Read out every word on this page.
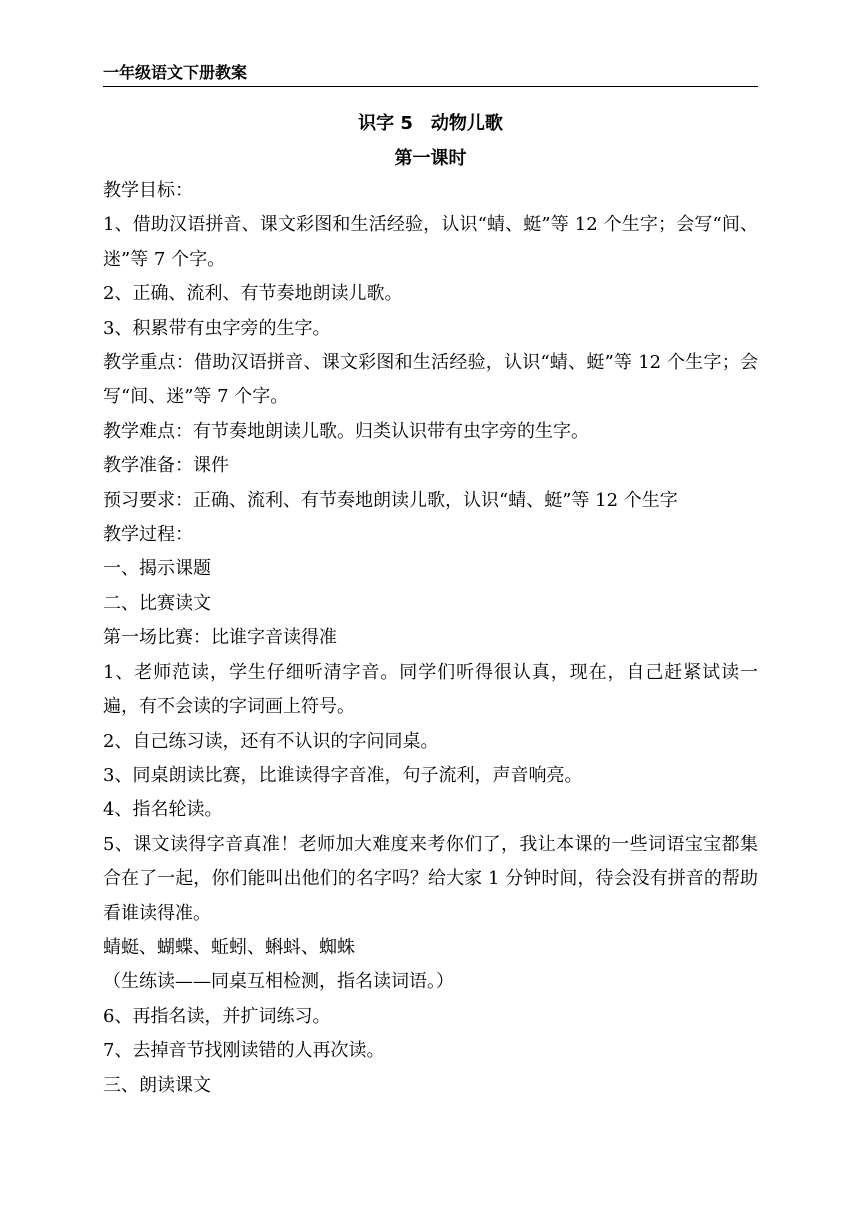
一年级语文下册教案
识字 5　动物儿歌
第一课时

教学目标：

1、借助汉语拼音、课文彩图和生活经验，认识“蜻、蜓”等 12 个生字；会写“间、迷”等 7 个字。

2、正确、流利、有节奏地朗读儿歌。

3、积累带有虫字旁的生字。

教学重点：借助汉语拼音、课文彩图和生活经验，认识“蜻、蜓”等 12 个生字；会写“间、迷”等 7 个字。

教学难点：有节奏地朗读儿歌。归类认识带有虫字旁的生字。

教学准备：课件

预习要求：正确、流利、有节奏地朗读儿歌，认识“蜻、蜓”等 12 个生字

教学过程：

一、揭示课题

二、比赛读文

第一场比赛：比谁字音读得准

1、老师范读，学生仔细听清字音。同学们听得很认真，现在，自己赶紧试读一遍，有不会读的字词画上符号。

2、自己练习读，还有不认识的字问同桌。

3、同桌朗读比赛，比谁读得字音准，句子流利，声音响亮。

4、指名轮读。

5、课文读得字音真准！老师加大难度来考你们了，我让本课的一些词语宝宝都集合在了一起，你们能叫出他们的名字吗？给大家 1 分钟时间，待会没有拼音的帮助看谁读得准。

蜻蜓、蝴蝶、蚯蚓、蝌蚪、蜘蛛

（生练读——同桌互相检测，指名读词语。）

6、再指名读，并扩词练习。

7、去掉音节找刚读错的人再次读。

三、朗读课文
